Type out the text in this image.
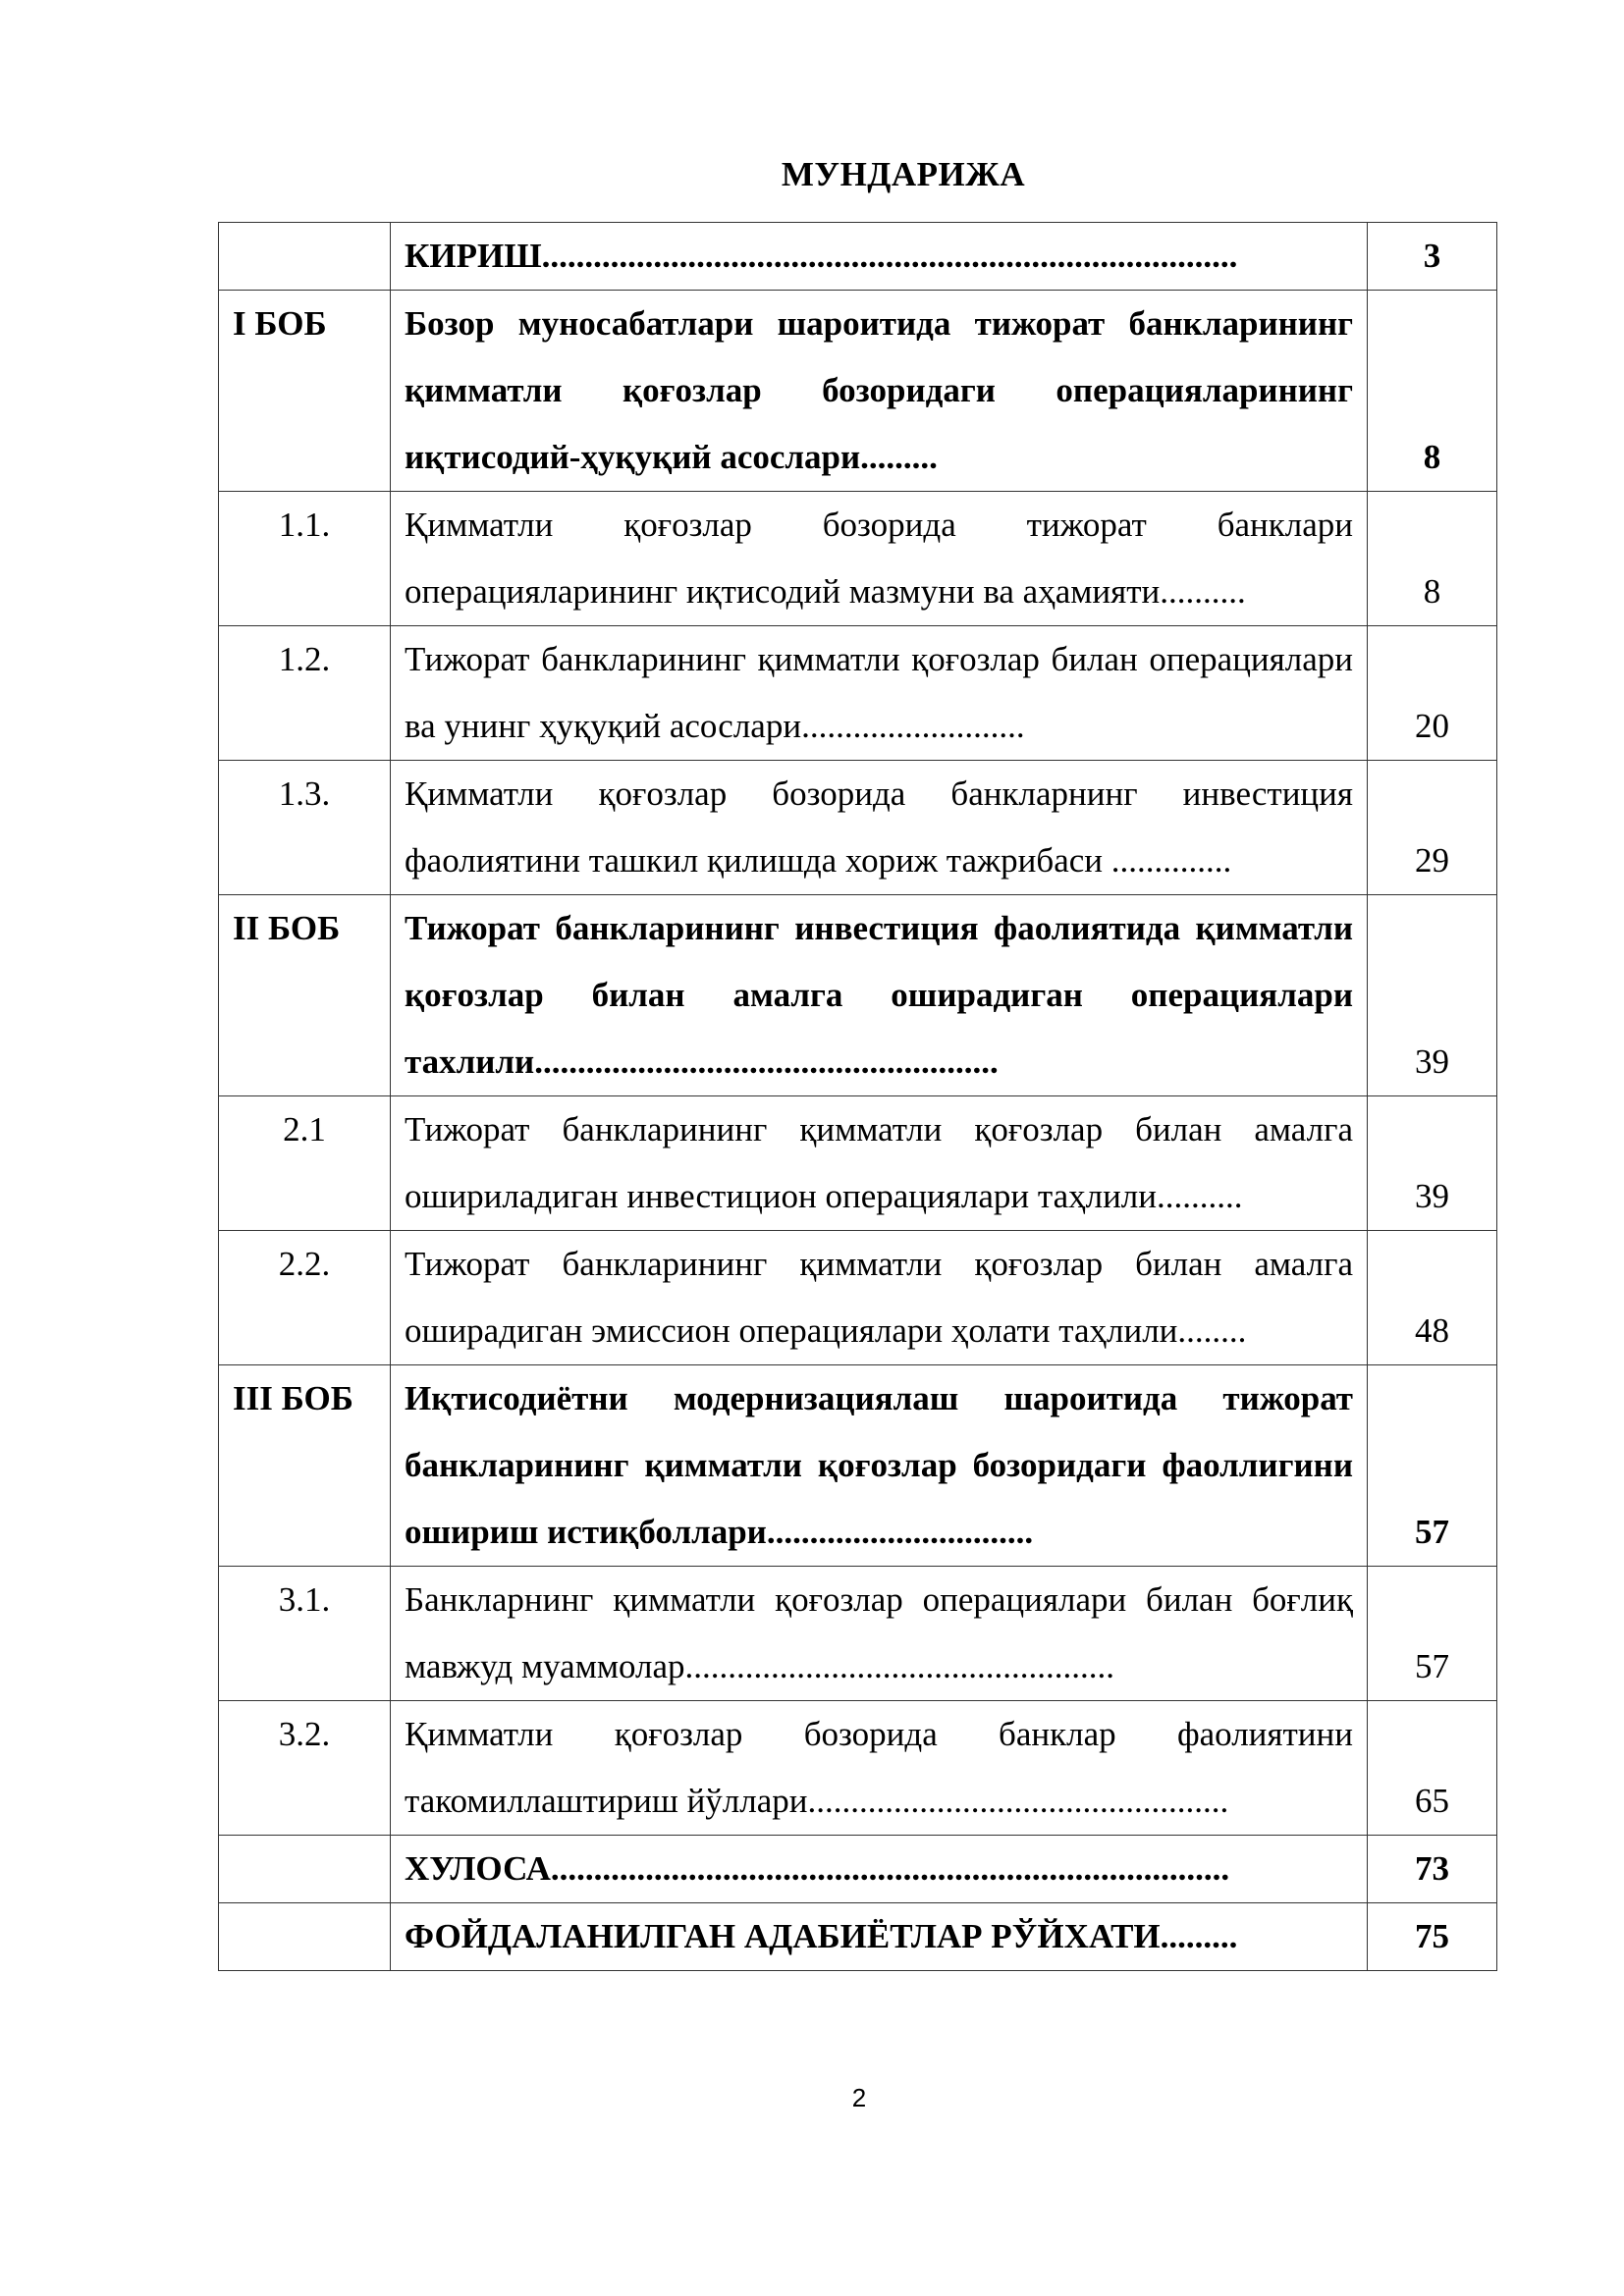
МУНДАРИЖА
	КИРИШ.................................................................................	3
I БОБ	Бозор муносабатлари шароитида тижорат банкларининг қимматли қоғозлар бозоридаги операцияларининг иқтисодий-ҳуқуқий асослари.........	8
1.1.	Қимматли қоғозлар бозорида тижорат банклари операцияларининг иқтисодий мазмуни ва аҳамияти..........	8
1.2.	Тижорат банкларининг қимматли қоғозлар билан операциялари ва унинг ҳуқуқий асослари..........................	20
1.3.	Қимматли қоғозлар бозорида банкларнинг инвестиция фаолиятини ташкил қилишда хориж тажрибаси ..............	29
II БОБ	Тижорат банкларининг инвестиция фаолиятида қимматли қоғозлар билан амалга оширадиган операциялари тахлили......................................................	39
2.1	Тижорат банкларининг қимматли қоғозлар билан амалга ошириладиган инвестицион операциялари таҳлили..........	39
2.2.	Тижорат банкларининг қимматли қоғозлар билан амалга оширадиган эмиссион операциялари ҳолати таҳлили........	48
III БОБ	Иқтисодиётни модернизациялаш шароитида тижорат банкларининг қимматли қоғозлар бозоридаги фаоллигини ошириш истиқболлари...............................	57
3.1.	Банкларнинг қимматли қоғозлар операциялари билан боғлиқ мавжуд муаммолар..................................................	57
3.2.	Қимматли қоғозлар бозорида банклар фаолиятини такомиллаштириш йўллари.................................................	65
	ХУЛОСА...............................................................................	73
	ФОЙДАЛАНИЛГАН АДАБИЁТЛАР РЎЙХАТИ.........	75
2
